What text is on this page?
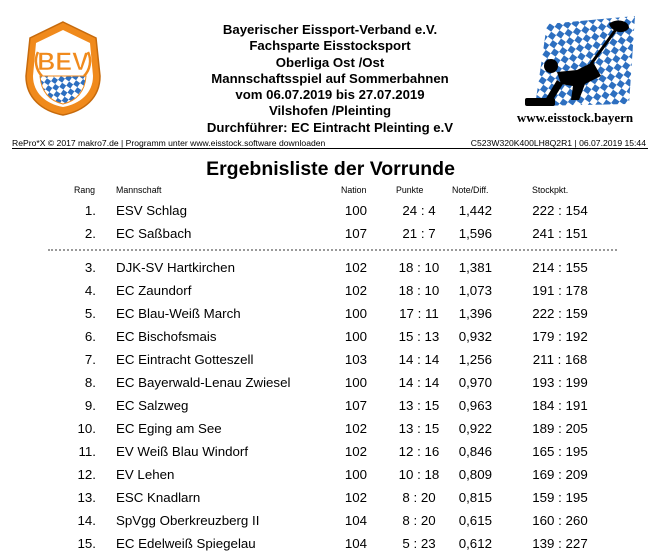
BEV
Bayerischer Eissport-Verband e.V.
Fachsparte Eisstocksport
Oberliga Ost /Ost
Mannschaftsspiel auf Sommerbahnen
vom 06.07.2019 bis 27.07.2019
Vilshofen /Pleinting
Durchführer: EC Eintracht Pleinting e.V
www.eisstock.bayern
RePro*X © 2017 makro7.de | Programm unter www.eisstock.software downloaden	C523W320K400LH8Q2R1 | 06.07.2019 15:44
Ergebnisliste der Vorrunde
Rang Mannschaft	Nation	Punkte	Note/Diff.	Stockpkt.
1. ESV Schlag	100	24 : 4	1,442	222 : 154
2. EC Saßbach	107	21 : 7	1,596	241 : 151
3. DJK-SV Hartkirchen	102	18 : 10	1,381	214 : 155
4. EC Zaundorf	102	18 : 10	1,073	191 : 178
5. EC Blau-Weiß March	100	17 : 11	1,396	222 : 159
6. EC Bischofsmais	100	15 : 13	0,932	179 : 192
7. EC Eintracht Gotteszell	103	14 : 14	1,256	211 : 168
8. EC Bayerwald-Lenau Zwiesel	100	14 : 14	0,970	193 : 199
9. EC Salzweg	107	13 : 15	0,963	184 : 191
10. EC Eging am See	102	13 : 15	0,922	189 : 205
11. EV Weiß Blau Windorf	102	12 : 16	0,846	165 : 195
12. EV Lehen	100	10 : 18	0,809	169 : 209
13. ESC Knadlarn	102	8 : 20	0,815	159 : 195
14. SpVgg Oberkreuzberg II	104	8 : 20	0,615	160 : 260
15. EC Edelweiß Spiegelau	104	5 : 23	0,612	139 : 227
